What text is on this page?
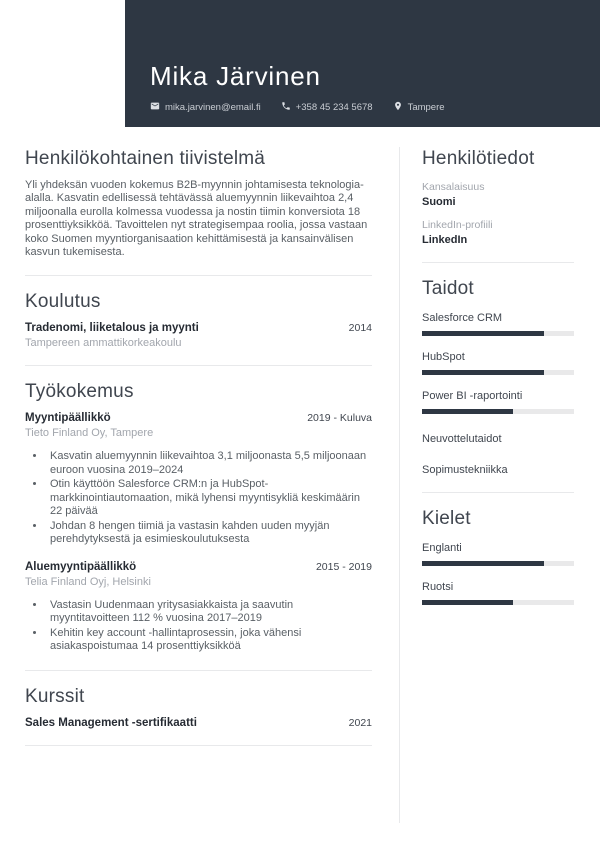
Mika Järvinen
mika.jarvinen@email.fi	+358 45 234 5678	Tampere
Henkilökohtainen tiivistelmä

Yli yhdeksän vuoden kokemus B2B-myynnin johtamisesta teknologia-alalla. Kasvatin edellisessä tehtävässä aluemyynnin liikevaihtoa 2,4 miljoonalla eurolla kolmessa vuodessa ja nostin tiimin konversiota 18 prosenttiyksikköä. Tavoittelen nyt strategisempaa roolia, jossa vastaan koko Suomen myyntiorganisaation kehittämisestä ja kansainvälisen kasvun tukemisesta.

Koulutus
Tradenomi, liiketalous ja myynti	2014
Tampereen ammattikorkeakoulu
Työkokemus
Myyntipäällikkö	2019 - Kuluva
Tieto Finland Oy, Tampere
• Kasvatin aluemyynnin liikevaihtoa 3,1 miljoonasta 5,5 miljoonaan euroon vuosina 2019–2024
• Otin käyttöön Salesforce CRM:n ja HubSpot-markkinointiautomaation, mikä lyhensi myyntisykliä keskimäärin 22 päivää
• Johdan 8 hengen tiimiä ja vastasin kahden uuden myyjän perehdytyksestä ja esimieskoulutuksesta
Aluemyyntipäällikkö	2015 - 2019
Telia Finland Oyj, Helsinki
• Vastasin Uudenmaan yritysasiakkaista ja saavutin myyntitavoitteen 112 % vuosina 2017–2019
• Kehitin key account -hallintaprosessin, joka vähensi asiakaspoistumaa 14 prosenttiyksikköä
Kurssit
Sales Management -sertifikaatti	2021
Henkilötiedot
Kansalaisuus
Suomi
LinkedIn-profiili
LinkedIn
Taidot
Salesforce CRM
HubSpot
Power BI -raportointi
Neuvottelutaidot
Sopimustekniikka
Kielet
Englanti
Ruotsi
